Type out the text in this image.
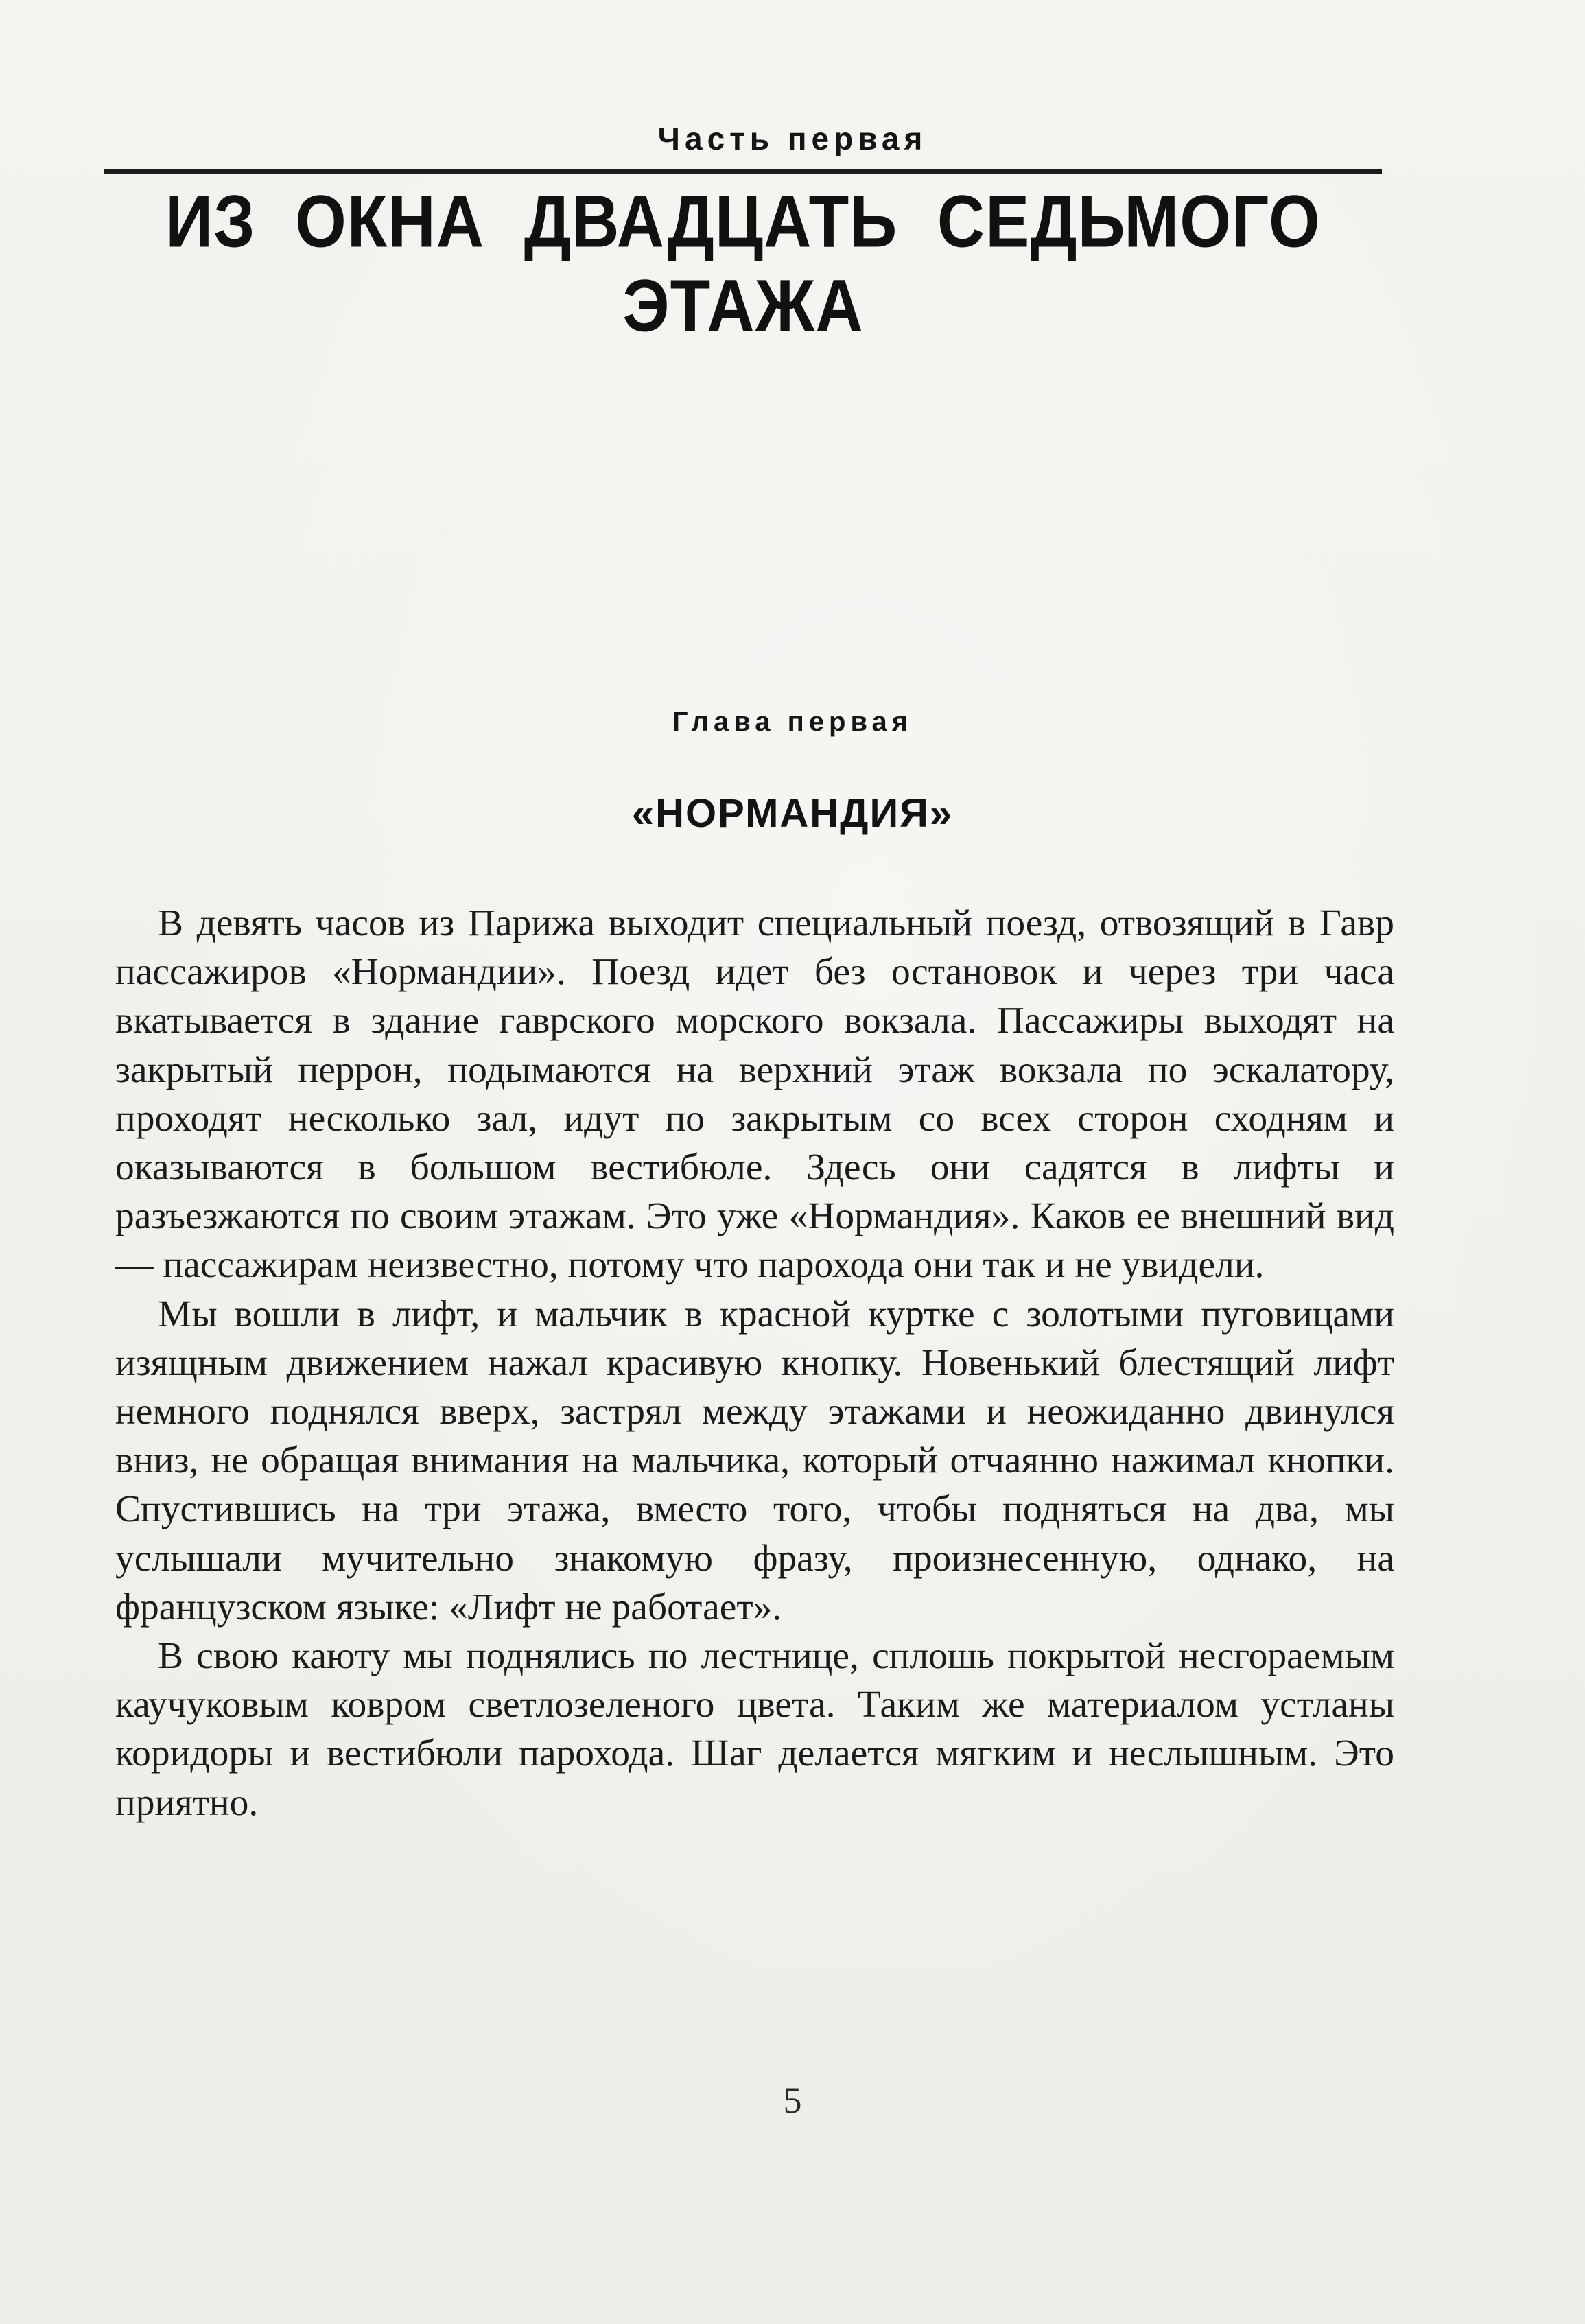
Часть первая
ИЗ ОКНА ДВАДЦАТЬ СЕДЬМОГО ЭТАЖА
Глава первая
«НОРМАНДИЯ»

В девять часов из Парижа выходит специальный поезд, отвозящий в Гавр пассажиров «Нормандии». Поезд идет без остановок и через три часа вкатывается в здание гаврского морского вокзала. Пассажиры выходят на закрытый перрон, подымаются на верхний этаж вокзала по эскалатору, проходят несколько зал, идут по закрытым со всех сторон сходням и оказываются в большом вестибюле. Здесь они садятся в лифты и разъезжаются по своим этажам. Это уже «Нормандия». Каков ее внешний вид — пассажирам неизвестно, потому что парохода они так и не увидели.

Мы вошли в лифт, и мальчик в красной куртке с золотыми пуговицами изящным движением нажал красивую кнопку. Новенький блестящий лифт немного поднялся вверх, застрял между этажами и неожиданно двинулся вниз, не обращая внимания на мальчика, который отчаянно нажимал кнопки. Спустившись на три этажа, вместо того, чтобы подняться на два, мы услышали мучительно знакомую фразу, произнесенную, однако, на французском языке: «Лифт не работает».

В свою каюту мы поднялись по лестнице, сплошь покрытой несгораемым каучуковым ковром светлозеленого цвета. Таким же материалом устланы коридоры и вестибюли парохода. Шаг делается мягким и неслышным. Это приятно.

5
